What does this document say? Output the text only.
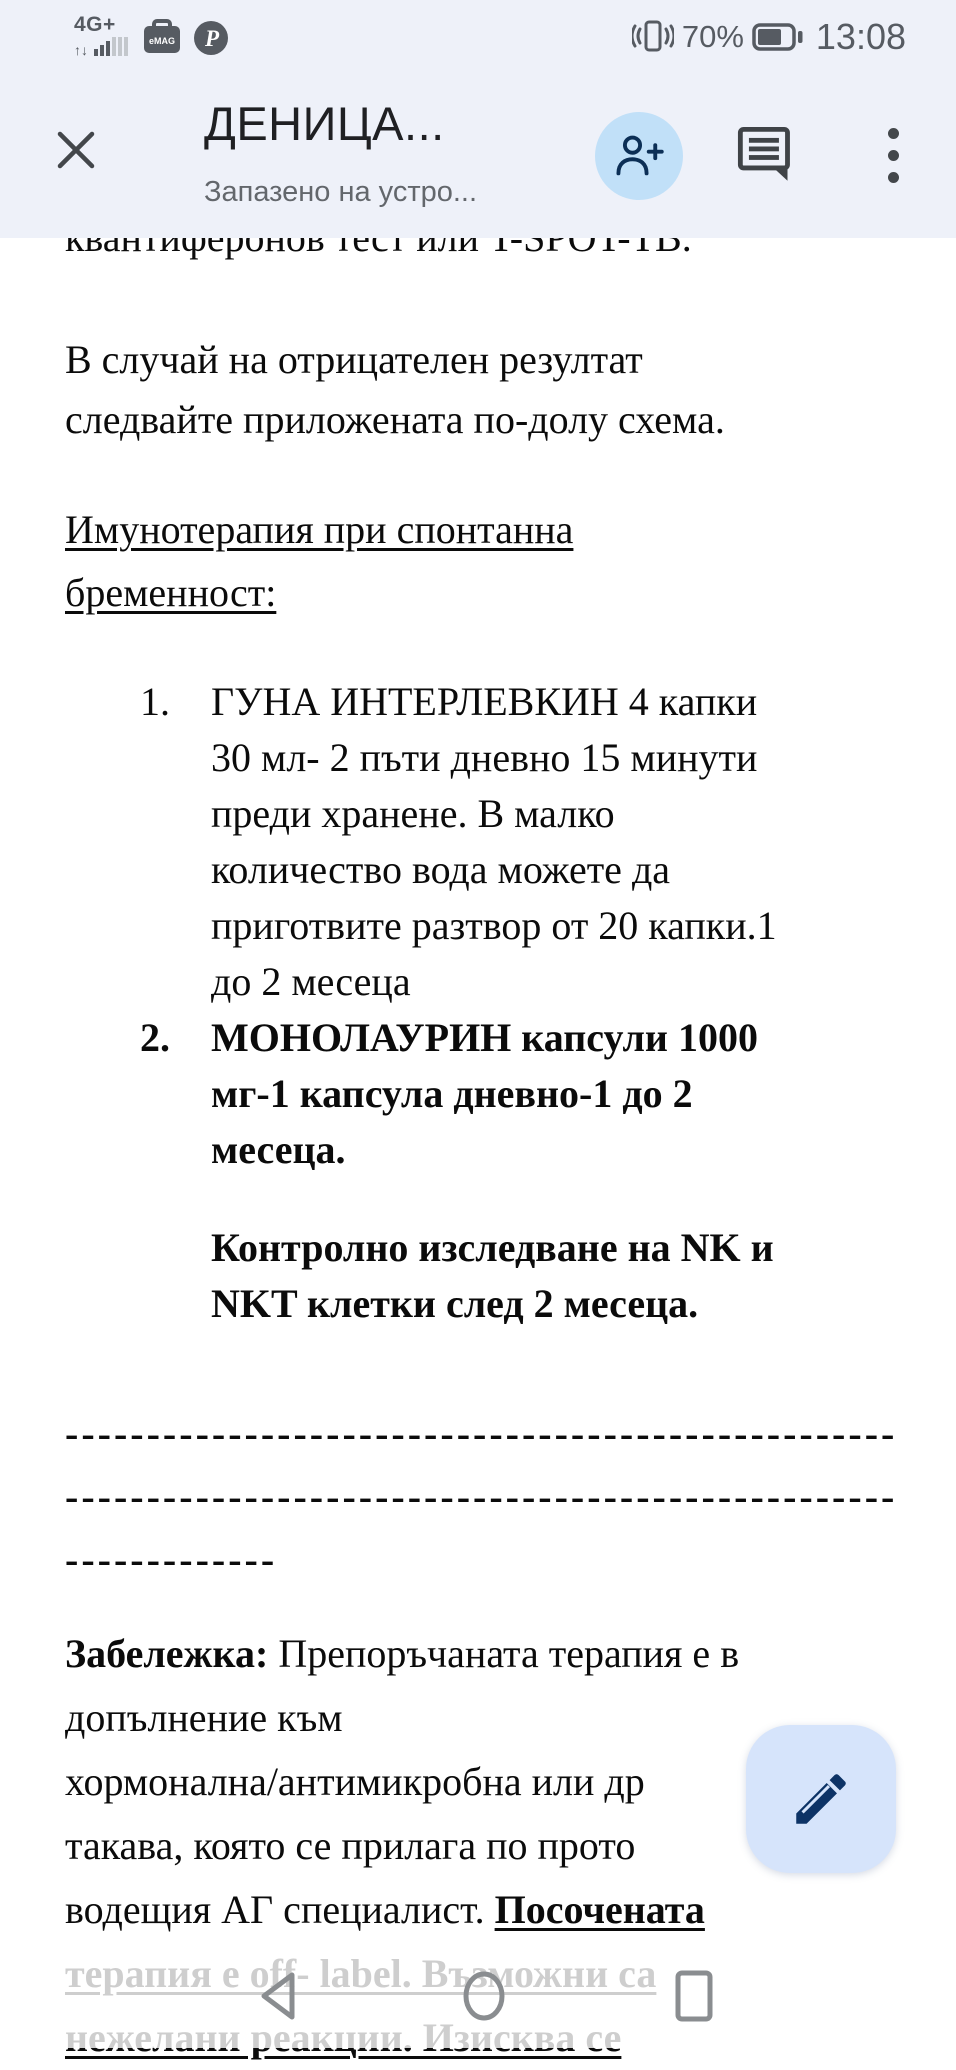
В случай на отрицателен резултат
следвайте приложената по-долу схема.
Имунотерапия при спонтанна
бременност:
1. ГУНА ИНТЕРЛЕВКИН 4 капки
30 мл- 2 пъти дневно 15 минути
преди хранене. В малко
количество вода можете да
приготвите разтвор от 20 капки.1
до 2 месеца
2. МОНОЛАУРИН капсули 1000
мг-1 капсула дневно-1 до 2
месеца.
Контролно изследване на NK и
NKT клетки след 2 месеца.
---------------------------------------------------
---------------------------------------------------
-------------
Забележка: Препоръчаната терапия е в
допълнение към
хормонална/антимикробна или др
такава, която се прилага по прото
водещия АГ специалист. Посочената
4G+
↑↓
eMAG P	70% 13:08
ДЕНИЦА...
Запазено на устро...
